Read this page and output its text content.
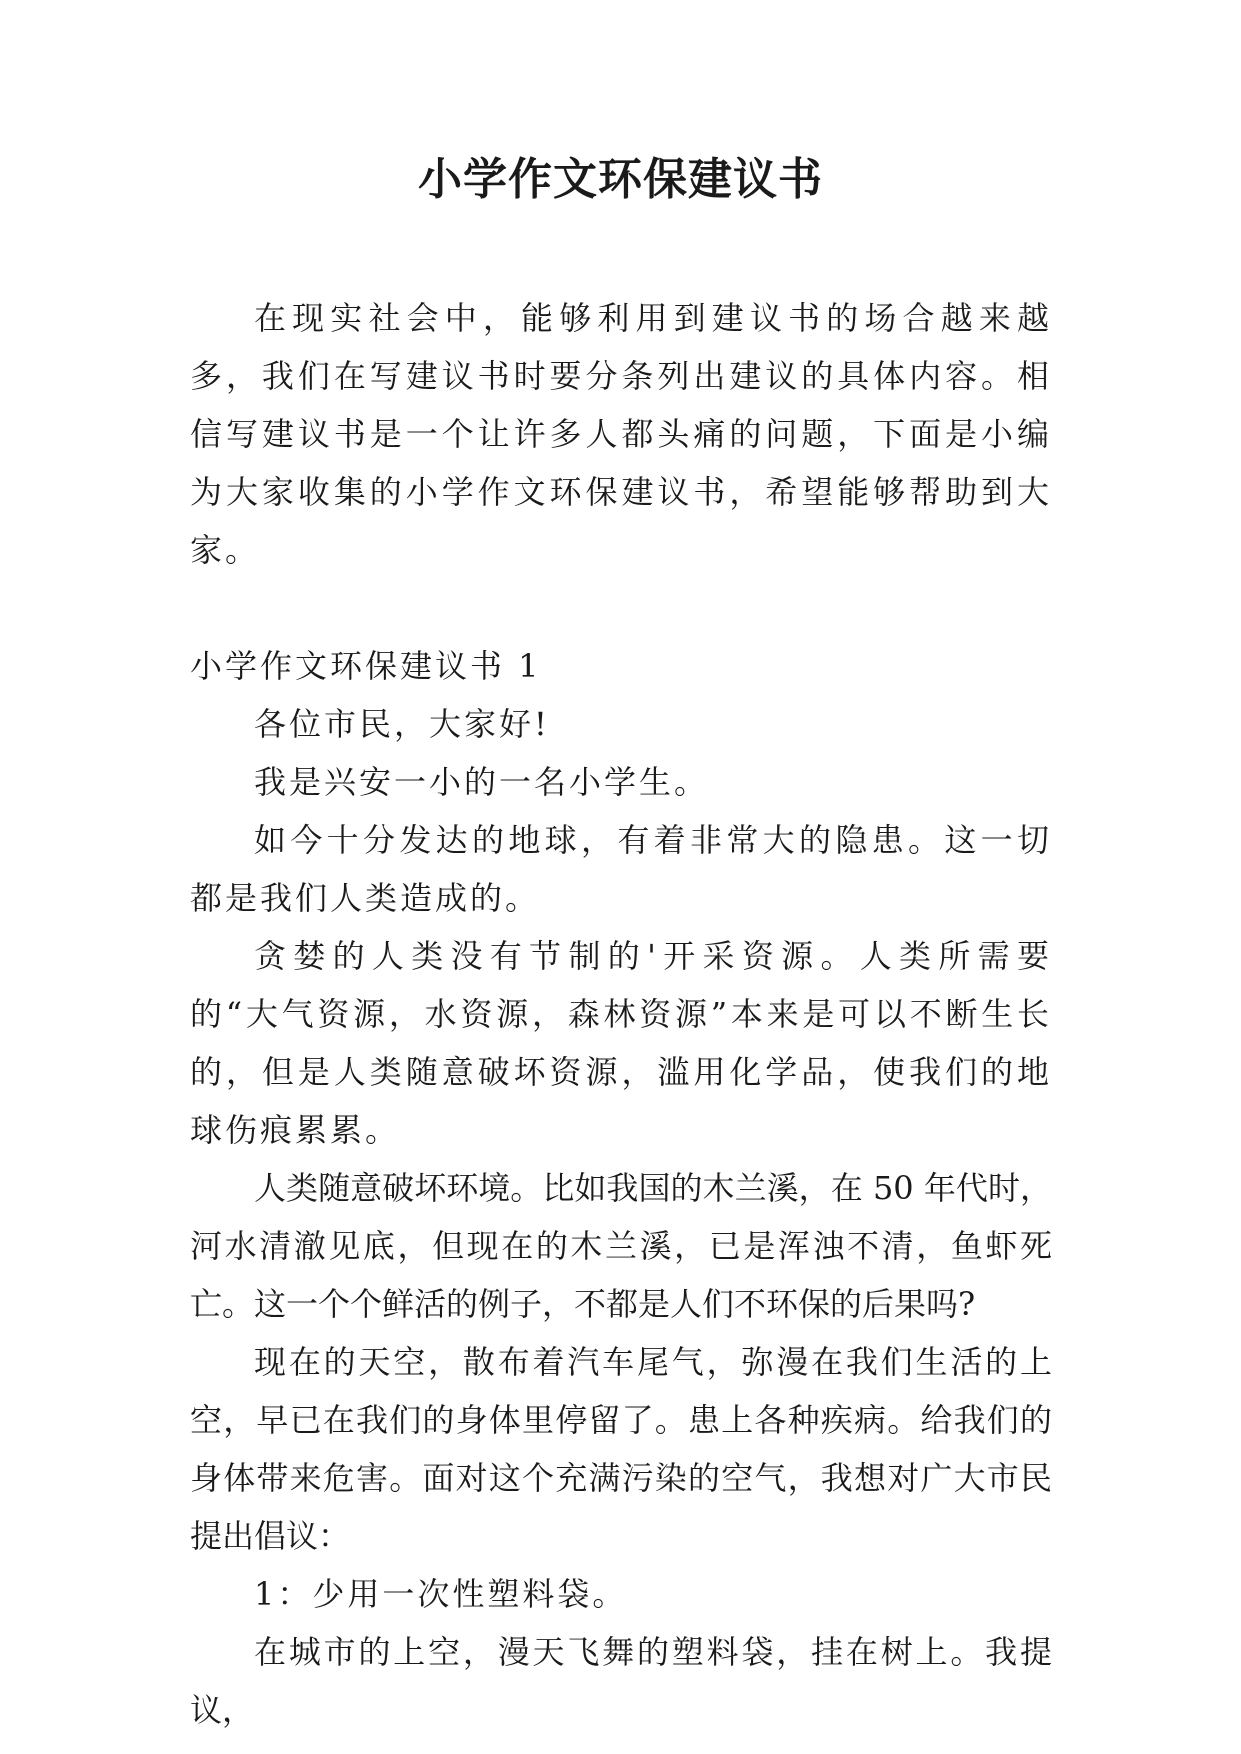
小学作文环保建议书

在现实社会中，能够利用到建议书的场合越来越多，我们在写建议书时要分条列出建议的具体内容。相信写建议书是一个让许多人都头痛的问题，下面是小编为大家收集的小学作文环保建议书，希望能够帮助到大家。

小学作文环保建议书 1

各位市民，大家好!

我是兴安一小的一名小学生。

如今十分发达的地球，有着非常大的隐患。这一切都是我们人类造成的。

贪婪的人类没有节制的'开采资源。人类所需要的“大气资源，水资源，森林资源”本来是可以不断生长的，但是人类随意破坏资源，滥用化学品，使我们的地球伤痕累累。

人类随意破坏环境。比如我国的木兰溪，在 50 年代时，河水清澈见底，但现在的木兰溪，已是浑浊不清，鱼虾死亡。这一个个鲜活的例子，不都是人们不环保的后果吗?

现在的天空，散布着汽车尾气，弥漫在我们生活的上空，早已在我们的身体里停留了。患上各种疾病。给我们的身体带来危害。面对这个充满污染的空气，我想对广大市民提出倡议：

1：少用一次性塑料袋。

在城市的上空，漫天飞舞的塑料袋，挂在树上。我提议，
